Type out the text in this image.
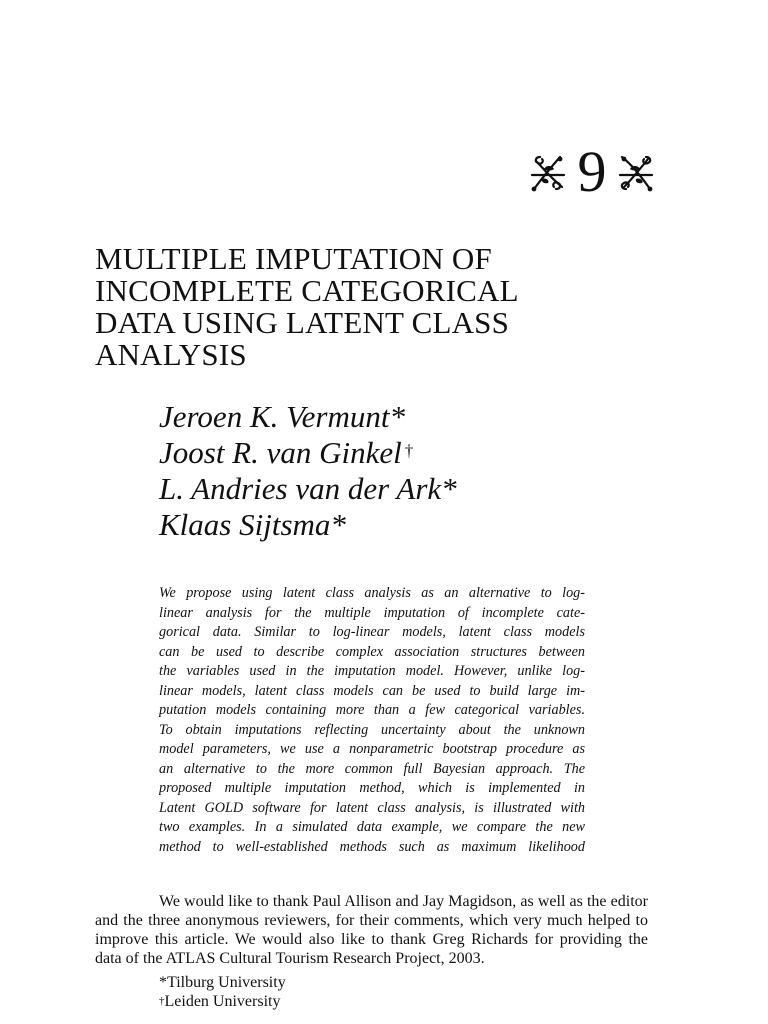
9
MULTIPLE IMPUTATION OF
INCOMPLETE CATEGORICAL
DATA USING LATENT CLASS
ANALYSIS
Jeroen K. Vermunt*
Joost R. van Ginkel †
L. Andries van der Ark*
Klaas Sijtsma*
We propose using latent class analysis as an alternative to log-
linear analysis for the multiple imputation of incomplete cate-
gorical data. Similar to log-linear models, latent class models
can be used to describe complex association structures between
the variables used in the imputation model. However, unlike log-
linear models, latent class models can be used to build large im-
putation models containing more than a few categorical variables.
To obtain imputations reflecting uncertainty about the unknown
model parameters, we use a nonparametric bootstrap procedure as
an alternative to the more common full Bayesian approach. The
proposed multiple imputation method, which is implemented in
Latent GOLD software for latent class analysis, is illustrated with
two examples. In a simulated data example, we compare the new
method to well-established methods such as maximum likelihood
We would like to thank Paul Allison and Jay Magidson, as well as the editor
and the three anonymous reviewers, for their comments, which very much helped to
improve this article. We would also like to thank Greg Richards for providing the
data of the ATLAS Cultural Tourism Research Project, 2003.
*Tilburg University
†Leiden University
